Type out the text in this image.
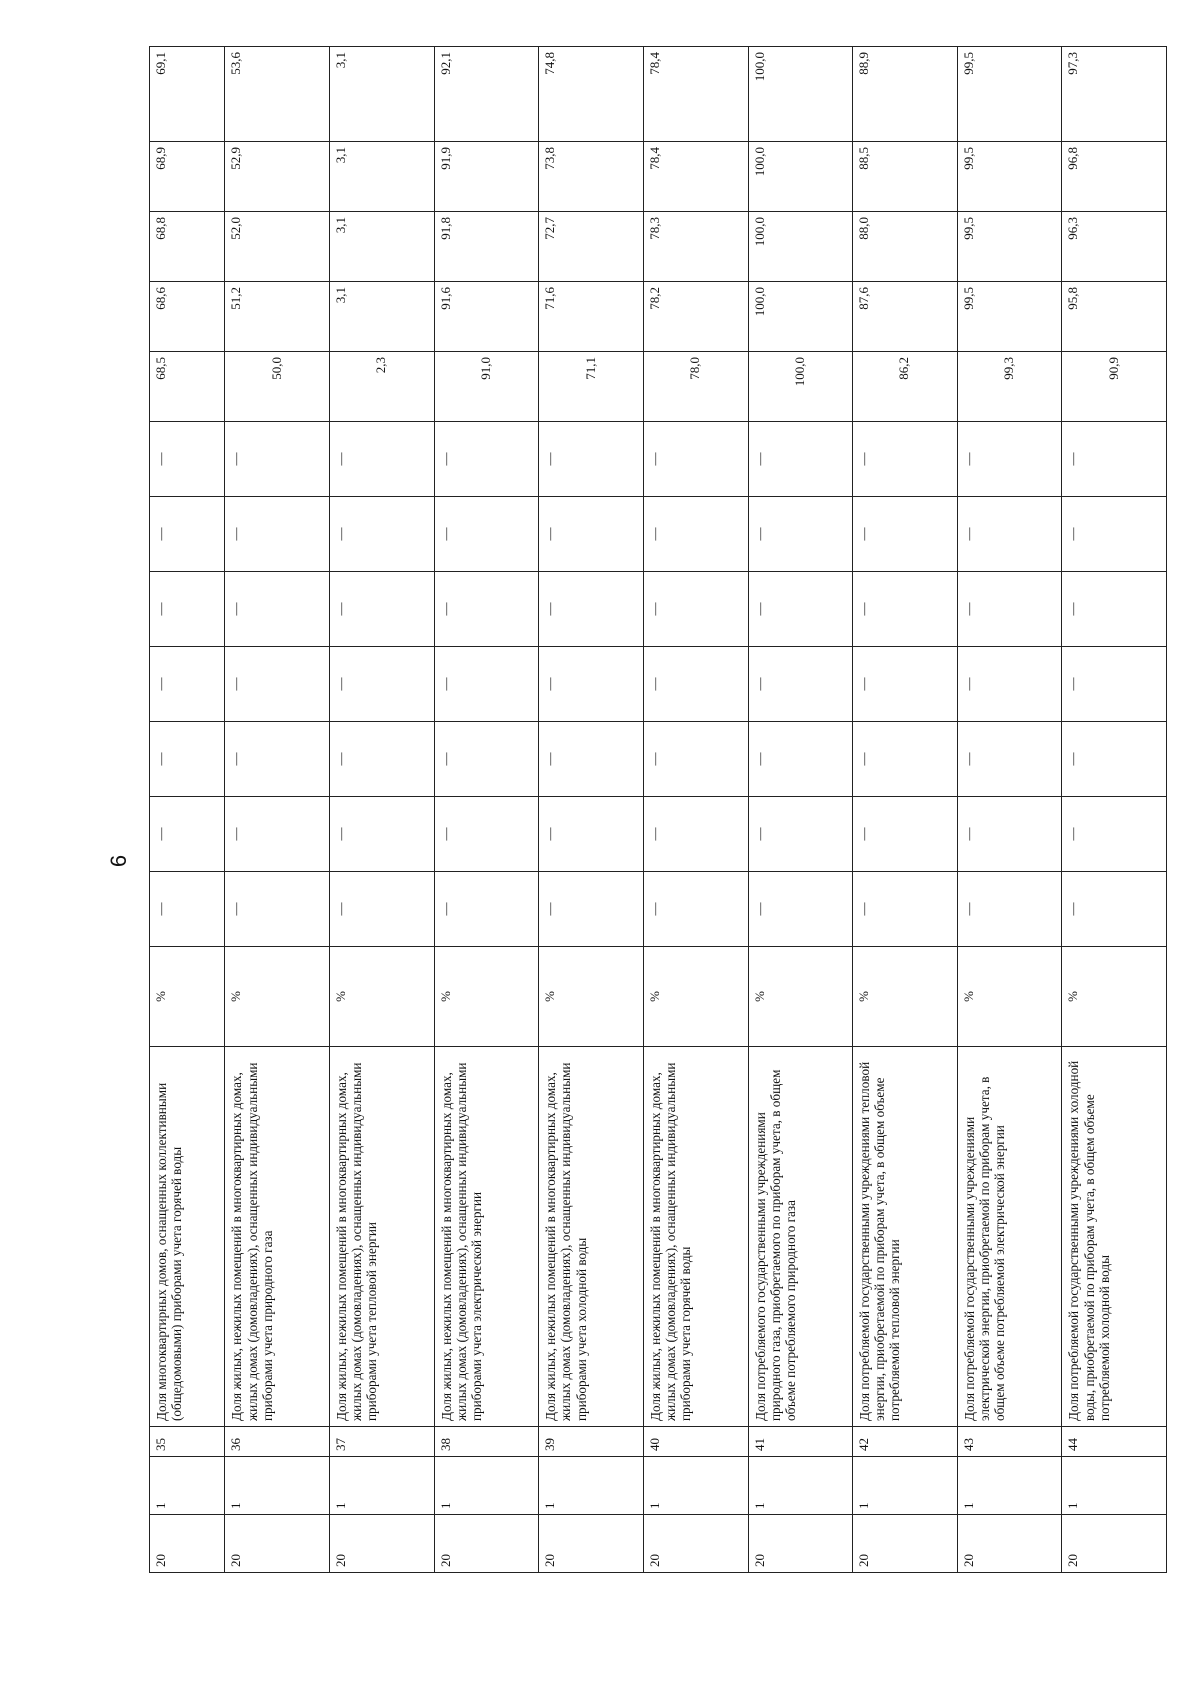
6
20	1	35	Доля многоквартирных домов, оснащенных коллективными (общедомовыми) приборами учета горячей воды	%	—	—	—	—	—	—	—	68,5	68,6	68,8	68,9	69,1
20	1	36	Доля жилых, нежилых помещений в многоквартирных домах, жилых домах (домовладениях), оснащенных индивидуальными приборами учета природного газа	%	—	—	—	—	—	—	—	50,0	51,2	52,0	52,9	53,6
20	1	37	Доля жилых, нежилых помещений в многоквартирных домах, жилых домах (домовладениях), оснащенных индивидуальными приборами учета тепловой энергии	%	—	—	—	—	—	—	—	2,3	3,1	3,1	3,1	3,1
20	1	38	Доля жилых, нежилых помещений в многоквартирных домах, жилых домах (домовладениях), оснащенных индивидуальными приборами учета электрической энергии	%	—	—	—	—	—	—	—	91,0	91,6	91,8	91,9	92,1
20	1	39	Доля жилых, нежилых помещений в многоквартирных домах, жилых домах (домовладениях), оснащенных индивидуальными приборами учета холодной воды	%	—	—	—	—	—	—	—	71,1	71,6	72,7	73,8	74,8
20	1	40	Доля жилых, нежилых помещений в многоквартирных домах, жилых домах (домовладениях), оснащенных индивидуальными приборами учета горячей воды	%	—	—	—	—	—	—	—	78,0	78,2	78,3	78,4	78,4
20	1	41	Доля потребляемого государственными учреждениями природного газа, приобретаемого по приборам учета, в общем объеме потребляемого природного газа	%	—	—	—	—	—	—	—	100,0	100,0	100,0	100,0	100,0
20	1	42	Доля потребляемой государственными учреждениями тепловой энергии, приобретаемой по приборам учета, в общем объеме потребляемой тепловой энергии	%	—	—	—	—	—	—	—	86,2	87,6	88,0	88,5	88,9
20	1	43	Доля потребляемой государственными учреждениями электрической энергии, приобретаемой по приборам учета, в общем объеме потребляемой электрической энергии	%	—	—	—	—	—	—	—	99,3	99,5	99,5	99,5	99,5
20	1	44	Доля потребляемой государственными учреждениями холодной воды, приобретаемой по приборам учета, в общем объеме потребляемой холодной воды	%	—	—	—	—	—	—	—	90,9	95,8	96,3	96,8	97,3
